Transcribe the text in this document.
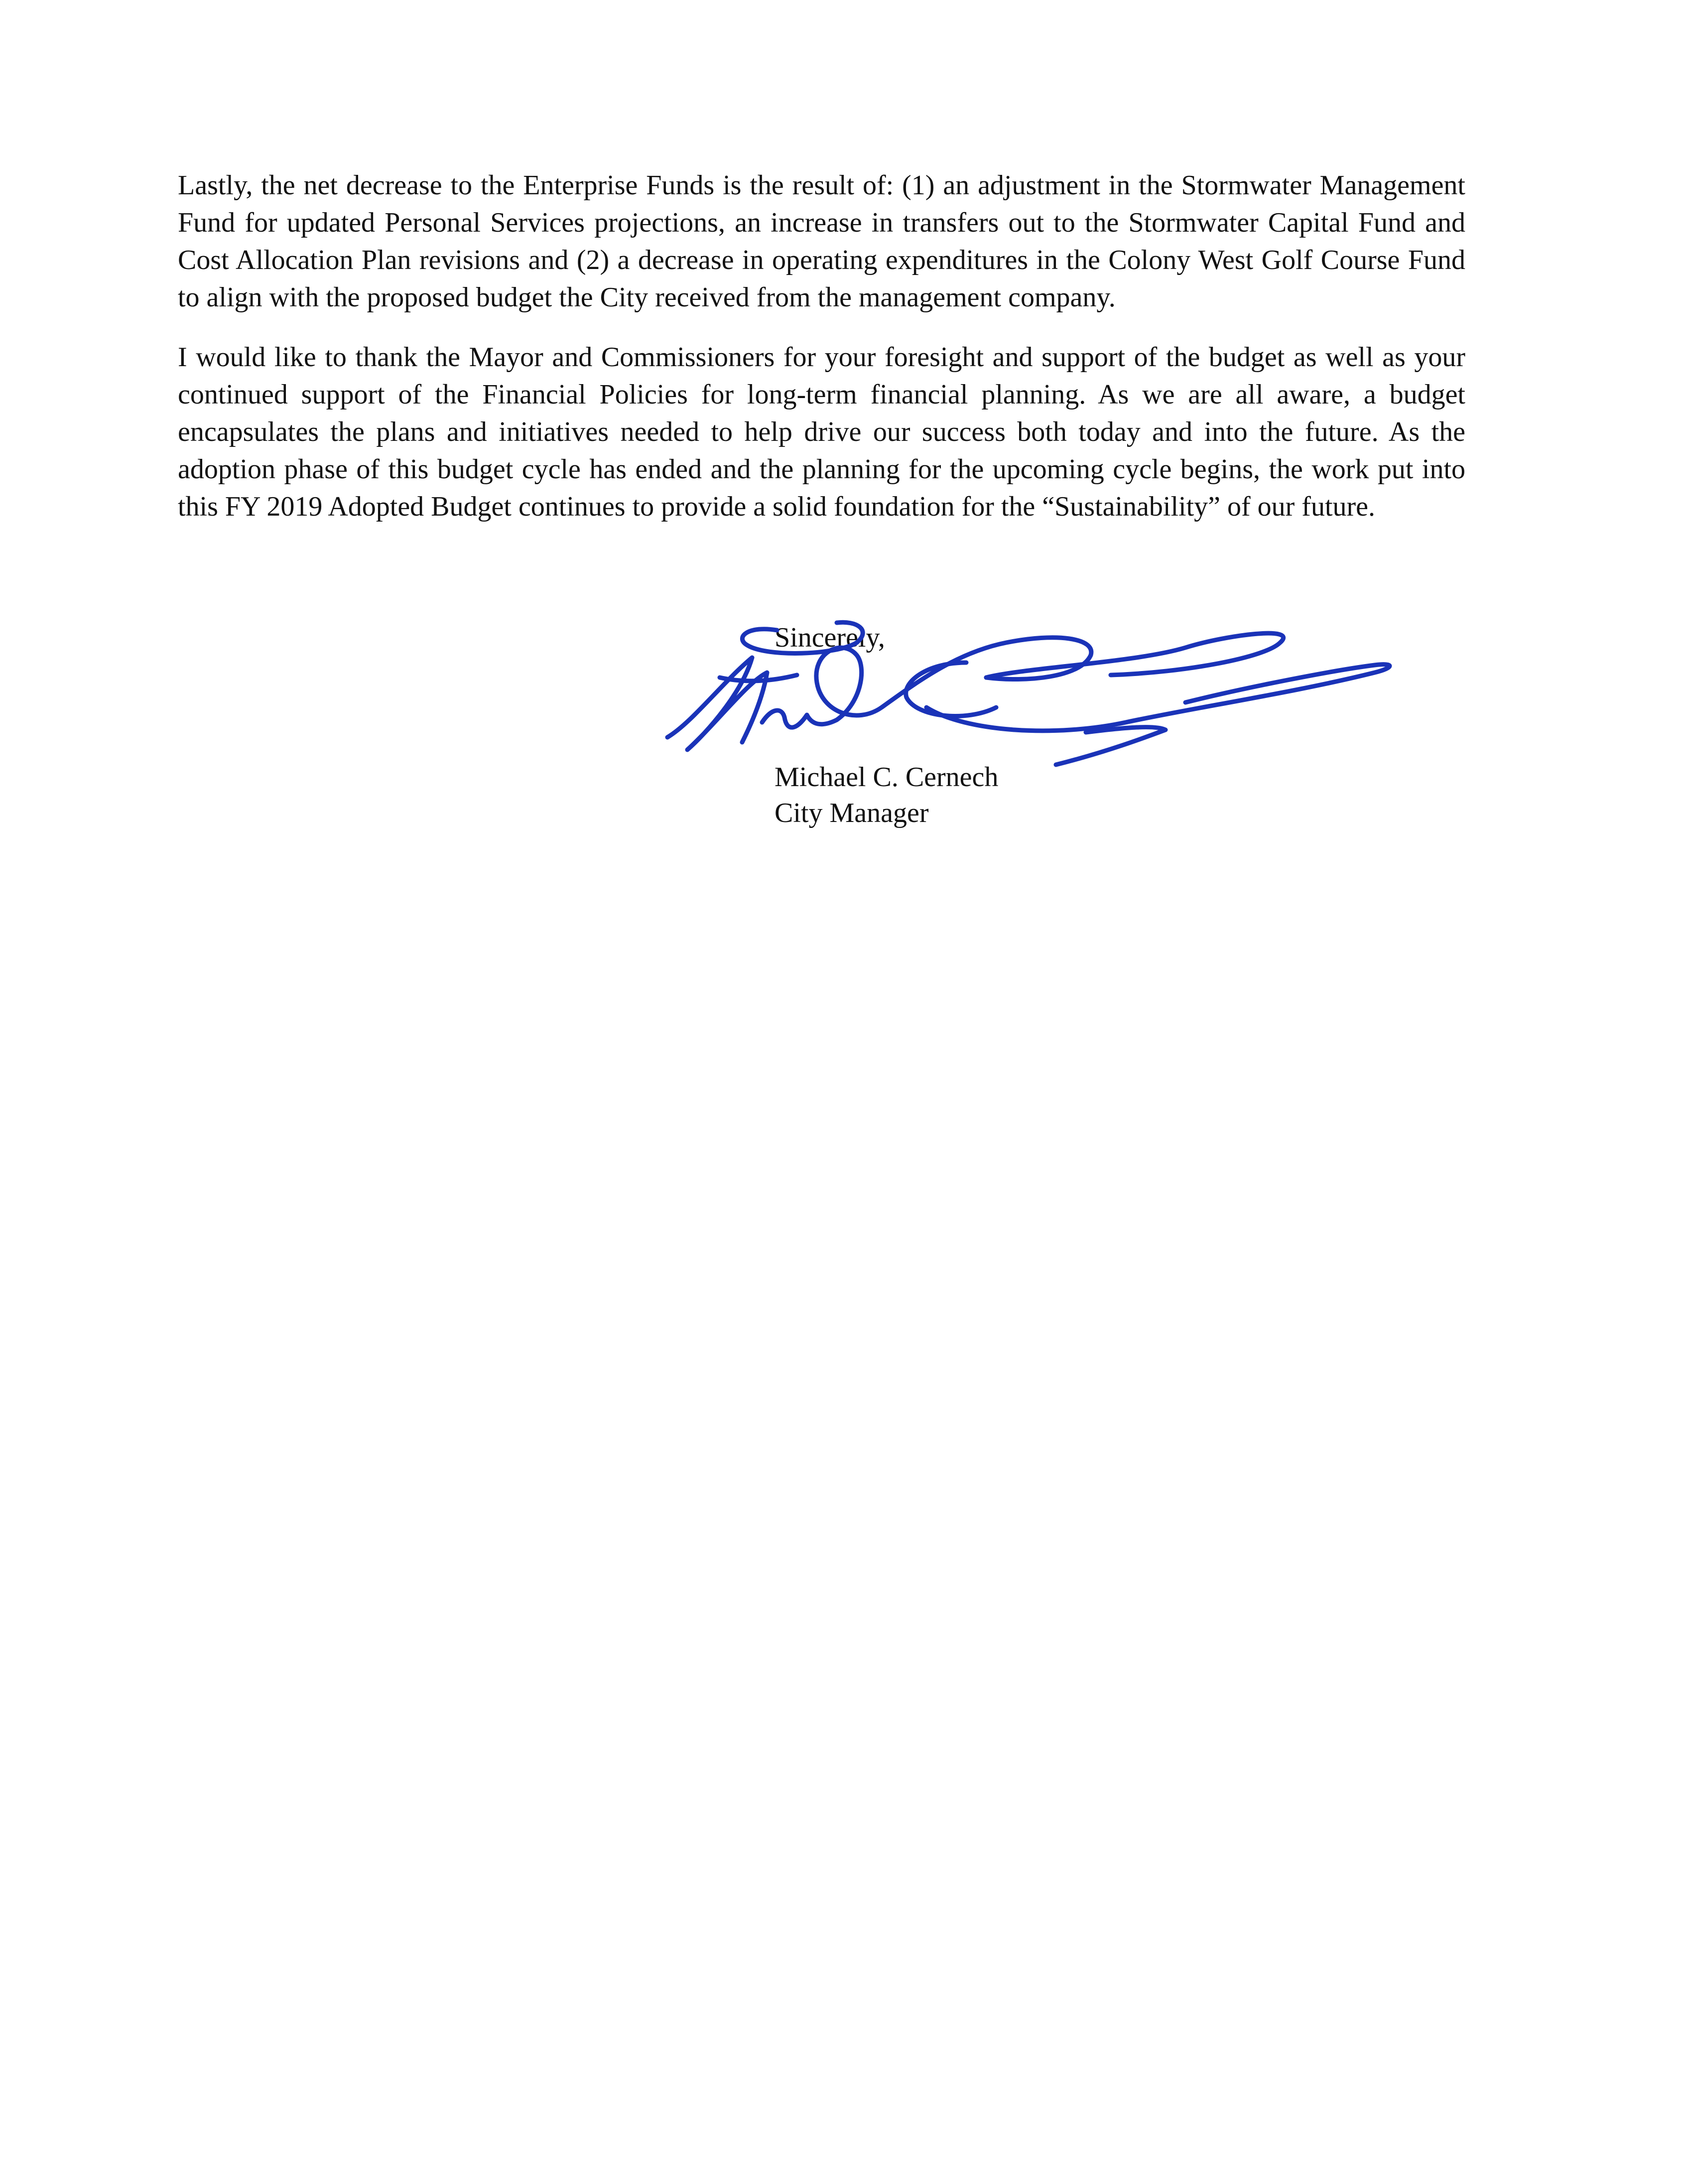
Lastly, the net decrease to the Enterprise Funds is the result of: (1) an adjustment in the Stormwater Management Fund for updated Personal Services projections, an increase in transfers out to the Stormwater Capital Fund and Cost Allocation Plan revisions and (2) a decrease in operating expenditures in the Colony West Golf Course Fund to align with the proposed budget the City received from the management company.

I would like to thank the Mayor and Commissioners for your foresight and support of the budget as well as your continued support of the Financial Policies for long-term financial planning. As we are all aware, a budget encapsulates the plans and initiatives needed to help drive our success both today and into the future. As the adoption phase of this budget cycle has ended and the planning for the upcoming cycle begins, the work put into this FY 2019 Adopted Budget continues to provide a solid foundation for the “Sustainability” of our future.

Sincerely,
Michael C. Cernech
City Manager
